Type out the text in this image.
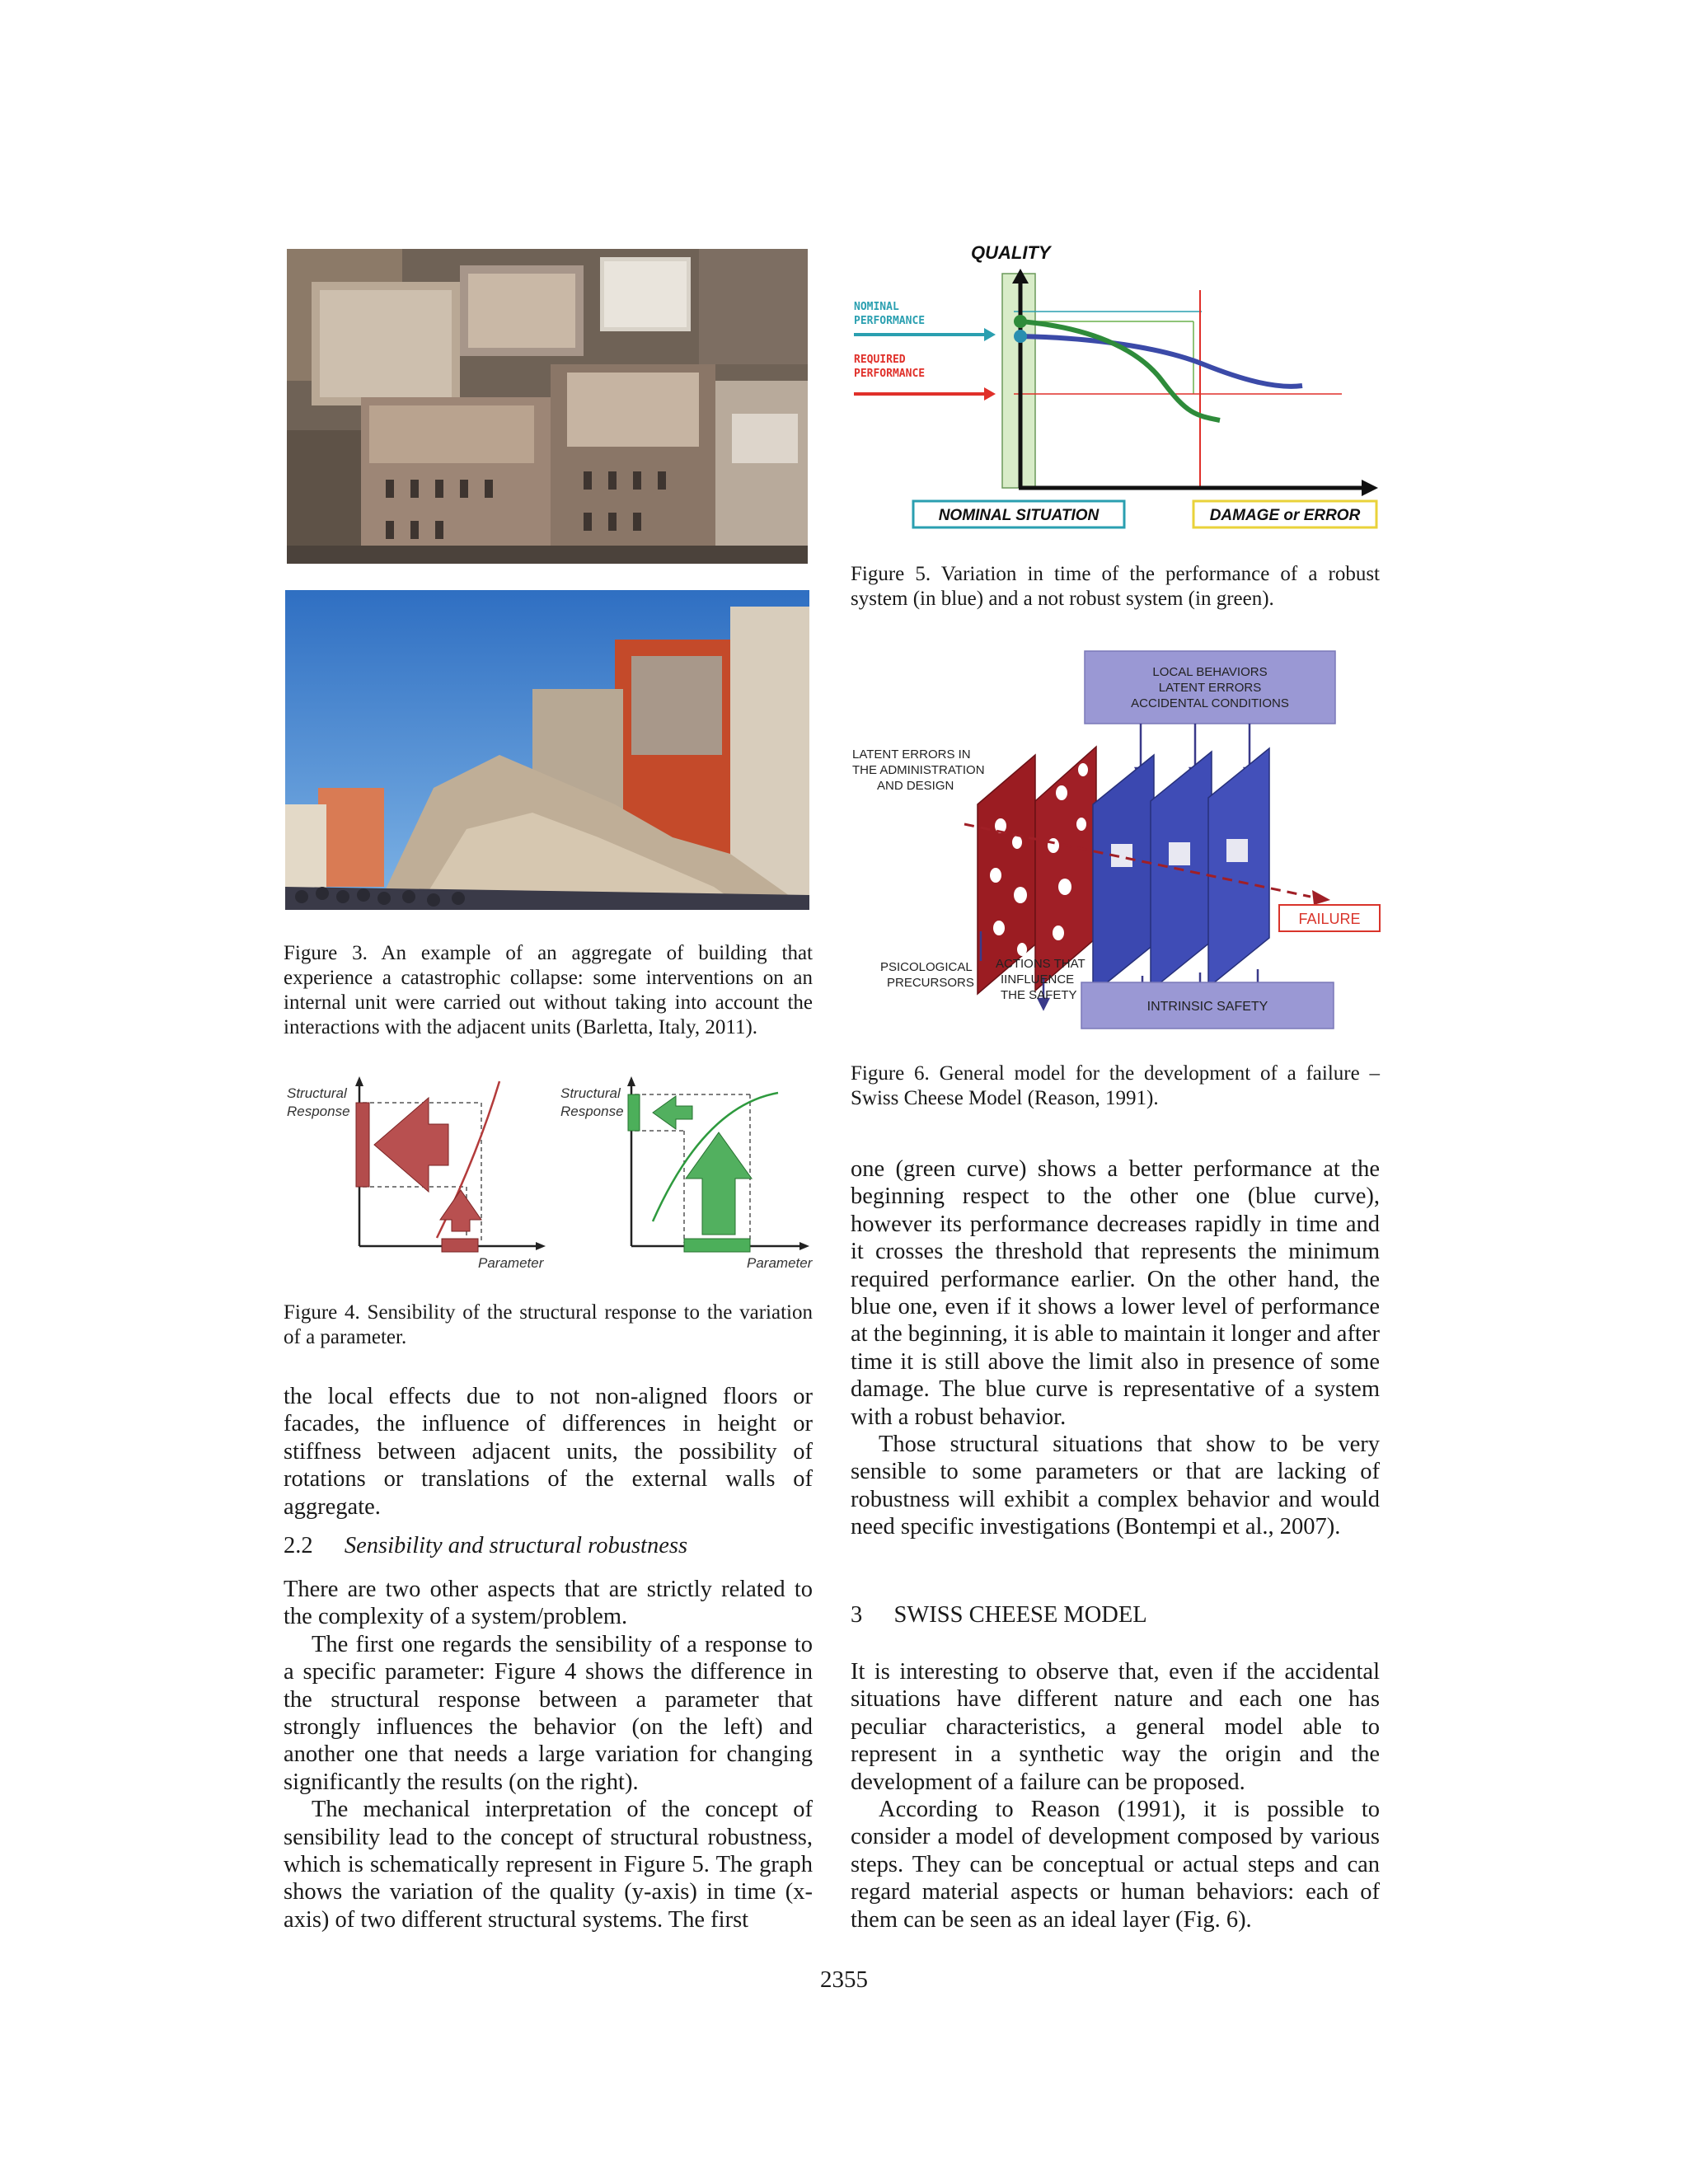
Figure 3. An example of an aggregate of building that experience a catastrophic collapse: some interventions on an internal unit were carried out without taking into account the interactions with the adjacent units (Barletta, Italy, 2011).
Structural
Response
Parameter
Structural
Response
Parameter
Figure 4. Sensibility of the structural response to the variation of a parameter.

the local effects due to not non-aligned floors or facades, the influence of differences in height or stiffness between adjacent units, the possibility of rotations or translations of the external walls of aggregate.

2.2 Sensibility and structural robustness

There are two other aspects that are strictly related to the complexity of a system/problem.

The first one regards the sensibility of a response to a specific parameter: Figure 4 shows the difference in the structural response between a parameter that strongly influences the behavior (on the left) and another one that needs a large variation for changing significantly the results (on the right).

The mechanical interpretation of the concept of sensibility lead to the concept of structural robustness, which is schematically represent in Figure 5. The graph shows the variation of the quality (y-axis) in time (x-axis) of two different structural systems. The first

QUALITY
NOMINAL
PERFORMANCE
REQUIRED
PERFORMANCE
NOMINAL SITUATION	DAMAGE or ERROR
Figure 5. Variation in time of the performance of a robust system (in blue) and a not robust system (in green).
LOCAL BEHAVIORS
LATENT ERRORS
ACCIDENTAL CONDITIONS
LATENT ERRORS IN
THE ADMINISTRATION
AND DESIGN
FAILURE
PSICOLOGICAL
PRECURSORS
ACTIONS THAT
IINFLUENCE
THE SAFETY
INTRINSIC SAFETY
Figure 6. General model for the development of a failure – Swiss Cheese Model (Reason, 1991).

one (green curve) shows a better performance at the beginning respect to the other one (blue curve), however its performance decreases rapidly in time and it crosses the threshold that represents the minimum required performance earlier. On the other hand, the blue one, even if it shows a lower level of performance at the beginning, it is able to maintain it longer and after time it is still above the limit also in presence of some damage. The blue curve is representative of a system with a robust behavior.

Those structural situations that show to be very sensible to some parameters or that are lacking of robustness will exhibit a complex behavior and would need specific investigations (Bontempi et al., 2007).

3 SWISS CHEESE MODEL

It is interesting to observe that, even if the accidental situations have different nature and each one has peculiar characteristics, a general model able to represent in a synthetic way the origin and the development of a failure can be proposed.

According to Reason (1991), it is possible to consider a model of development composed by various steps. They can be conceptual or actual steps and can regard material aspects or human behaviors: each of them can be seen as an ideal layer (Fig. 6).

2355
